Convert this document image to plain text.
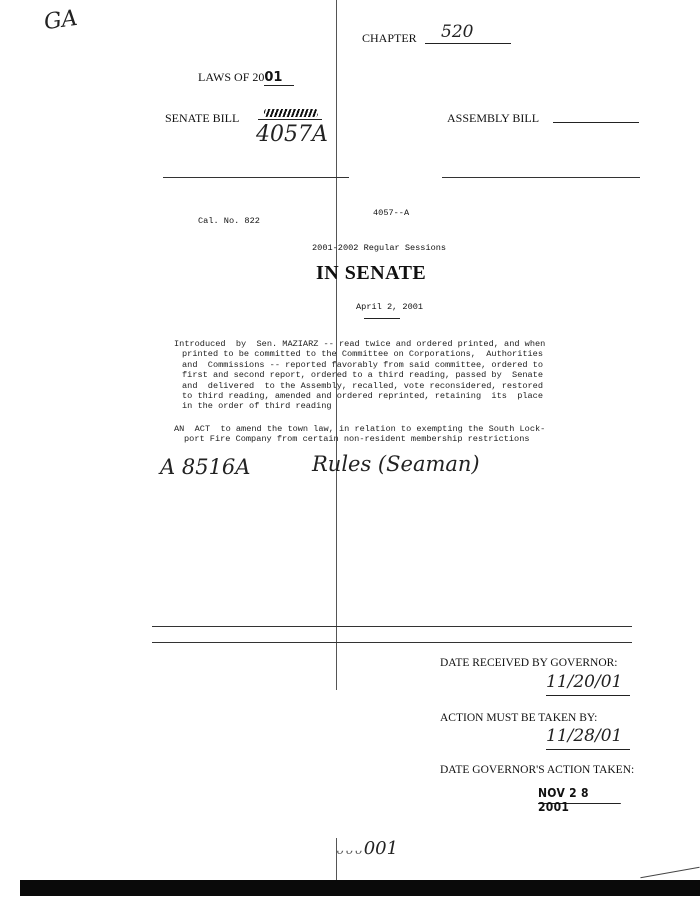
GA
CHAPTER	520
LAWS OF 2001
SENATE BILL
4057A
ASSEMBLY BILL
4057--A
Cal. No. 822
2001-2002 Regular Sessions
IN SENATE
April 2, 2001
Introduced  by  Sen. MAZIARZ -- read twice and ordered printed, and when
printed to be committed to the Committee on Corporations,  Authorities
and  Commissions -- reported favorably from said committee, ordered to
first and second report, ordered to a third reading, passed by  Senate
and  delivered  to the Assembly, recalled, vote reconsidered, restored
to third reading, amended and ordered reprinted, retaining  its  place
in the order of third reading
AN  ACT  to amend the town law, in relation to exempting the South Lock-
port Fire Company from certain non-resident membership restrictions
A 8516A	Rules (Seaman)
DATE RECEIVED BY GOVERNOR:
11/20/01
ACTION MUST BE TAKEN BY:
11/28/01
DATE GOVERNOR'S ACTION TAKEN:
NOV 2 8 2001
ᴗᴗᴗ001
